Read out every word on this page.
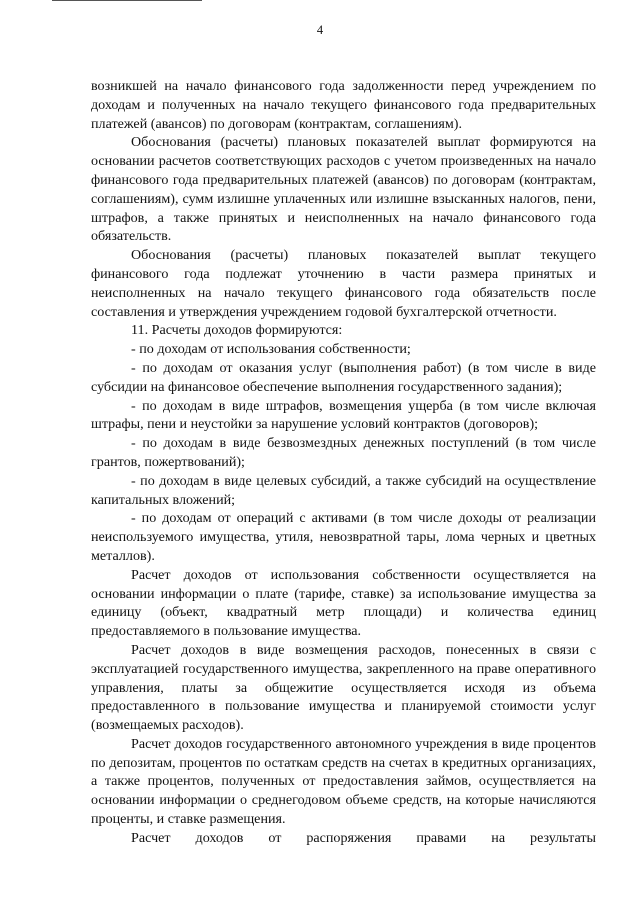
4

возникшей на начало финансового года задолженности перед учреждением по доходам и полученных на начало текущего финансового года предварительных платежей (авансов) по договорам (контрактам, соглашениям).

Обоснования (расчеты) плановых показателей выплат формируются на основании расчетов соответствующих расходов с учетом произведенных на начало финансового года предварительных платежей (авансов) по договорам (контрактам, соглашениям), сумм излишне уплаченных или излишне взысканных налогов, пени, штрафов, а также принятых и неисполненных на начало финансового года обязательств.

Обоснования (расчеты) плановых показателей выплат текущего финансового года подлежат уточнению в части размера принятых и неисполненных на начало текущего финансового года обязательств после составления и утверждения учреждением годовой бухгалтерской отчетности.

11. Расчеты доходов формируются:

- по доходам от использования собственности;

- по доходам от оказания услуг (выполнения работ) (в том числе в виде субсидии на финансовое обеспечение выполнения государственного задания);

- по доходам в виде штрафов, возмещения ущерба (в том числе включая штрафы, пени и неустойки за нарушение условий контрактов (договоров);

- по доходам в виде безвозмездных денежных поступлений (в том числе грантов, пожертвований);

- по доходам в виде целевых субсидий, а также субсидий на осуществление капитальных вложений;

- по доходам от операций с активами (в том числе доходы от реализации неиспользуемого имущества, утиля, невозвратной тары, лома черных и цветных металлов).

Расчет доходов от использования собственности осуществляется на основании информации о плате (тарифе, ставке) за использование имущества за единицу (объект, квадратный метр площади) и количества единиц предоставляемого в пользование имущества.

Расчет доходов в виде возмещения расходов, понесенных в связи с эксплуатацией государственного имущества, закрепленного на праве оперативного управления, платы за общежитие осуществляется исходя из объема предоставленного в пользование имущества и планируемой стоимости услуг (возмещаемых расходов).

Расчет доходов государственного автономного учреждения в виде процентов по депозитам, процентов по остаткам средств на счетах в кредитных организациях, а также процентов, полученных от предоставления займов, осуществляется на основании информации о среднегодовом объеме средств, на которые начисляются проценты, и ставке размещения.

Расчет доходов от распоряжения правами на результаты
